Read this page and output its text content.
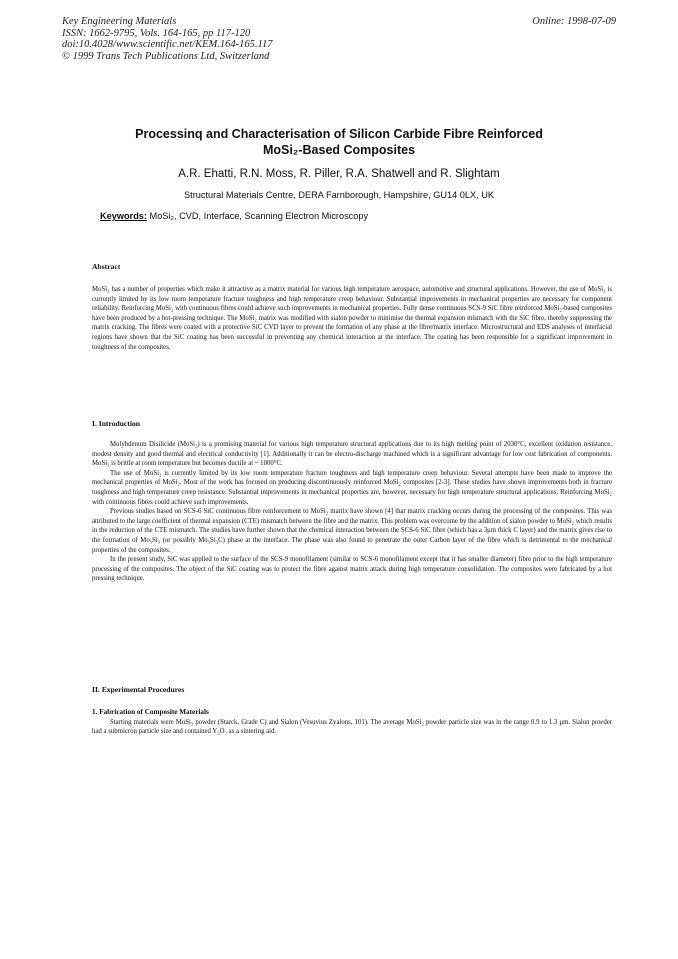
Key Engineering Materials
ISSN: 1662-9795, Vols. 164-165, pp 117-120
doi:10.4028/www.scientific.net/KEM.164-165.117
© 1999 Trans Tech Publications Ltd, Switzerland
Online: 1998-07-09
Processinq and Characterisation of Silicon Carbide Fibre Reinforced
MoSi₂-Based Composites
A.R. Ehatti, R.N. Moss, R. Piller, R.A. Shatwell and R. Slightam
Structural Materials Centre, DERA Farnborough, Hampshire, GU14 0LX, UK
Keywords: MoSi₂, CVD, Interface, Scanning Electron Microscopy
Abstract

MoSi₂ has a number of properties which make it attractive as a matrix material for various high temperature aerospace, automotive and structural applications. However, the use of MoSi₂ is currently limited by its low room temperature fracture toughness and high temperature creep behaviour. Substantial improvements in mechanical properties are necessary for component reliability. Reinforcing MoSi₂ with continuous fibres could achieve such improvements in mechanical properties. Fully dense continuous SCS-9 SiC fibre reinforced MoSi₂-based composites have been produced by a hot-pressing technique. The MoSi₂ matrix was modified with sialon powder to minimise the thermal expansion mismatch with the SiC fibre, thereby suppressing the matrix cracking. The fibres were coated with a protective SiC CVD layer to prevent the formation of any phase at the fibre/matrix interface. Microstructural and EDS analyses of interfacial regions have shown that the SiC coating has been successful in preventing any chemical interaction at the interface. The coating has been responsible for a significant improvement in toughness of the composites.

I. Introduction

Molybdenum Disilicide (MoSi₂) is a promising material for various high temperature structural applications due to its high melting point of 2030°C, excellent oxidation resistance, modest density and good thermal and electrical conductivity [1]. Additionally it can be electro-discharge machined which is a significant advantage for low cost fabrication of components. MoSi₂ is brittle at room temperature but becomes ductile at ~ 1000°C.

The use of MoSi₂ is currently limited by its low room temperature fracture toughness and high temperature creep behaviour. Several attempts have been made to improve the mechanical properties of MoSi₂. Most of the work has focused on producing discontinuously reinforced MoSi₂ composites [2-3]. These studies have shown improvements both in fracture toughness and high temperature creep resistance. Substantial improvements in mechanical properties are, however, necessary for high temperature structural applications. Reinforcing MoSi₂ with continuous fibres could achieve such improvements.

Previous studies based on SCS-6 SiC continuous fibre reinforcement to MoSi₂ matrix have shown [4] that matrix cracking occurs during the processing of the composites. This was attributed to the large coefficient of thermal expansion (CTE) mismatch between the fibre and the matrix. This problem was overcome by the addition of sialon powder to MoSi₂ which results in the reduction of the CTE mismatch. The studies have further shown that the chemical interaction between the SCS-6 SiC fibre (which has a 3μm thick C layer) and the matrix gives rise to the formation of Mo₅Si₃ (or possibly Mo₅Si₃C) phase at the interface. The phase was also found to penetrate the outer Carbon layer of the fibre which is detrimental to the mechanical properties of the composites.

In the present study, SiC was applied to the surface of the SCS-9 monofilament (similar to SCS-6 monofilament except that it has smaller diameter) fibre prior to the high temperature processing of the composites. The object of the SiC coating was to protect the fibre against matrix attack during high temperature consolidation. The composites were fabricated by a hot pressing technique.

II. Experimental Procedures
1. Fabrication of Composite Materials

Starting materials were MoSi₂ powder (Starck, Grade C) and Sialon (Vesuvius Zyalons, 101). The average MoSi₂ powder particle size was in the range 0.9 to 1.3 μm. Sialon powder had a submicron particle size and contained Y₂O₃ as a sintering aid.
